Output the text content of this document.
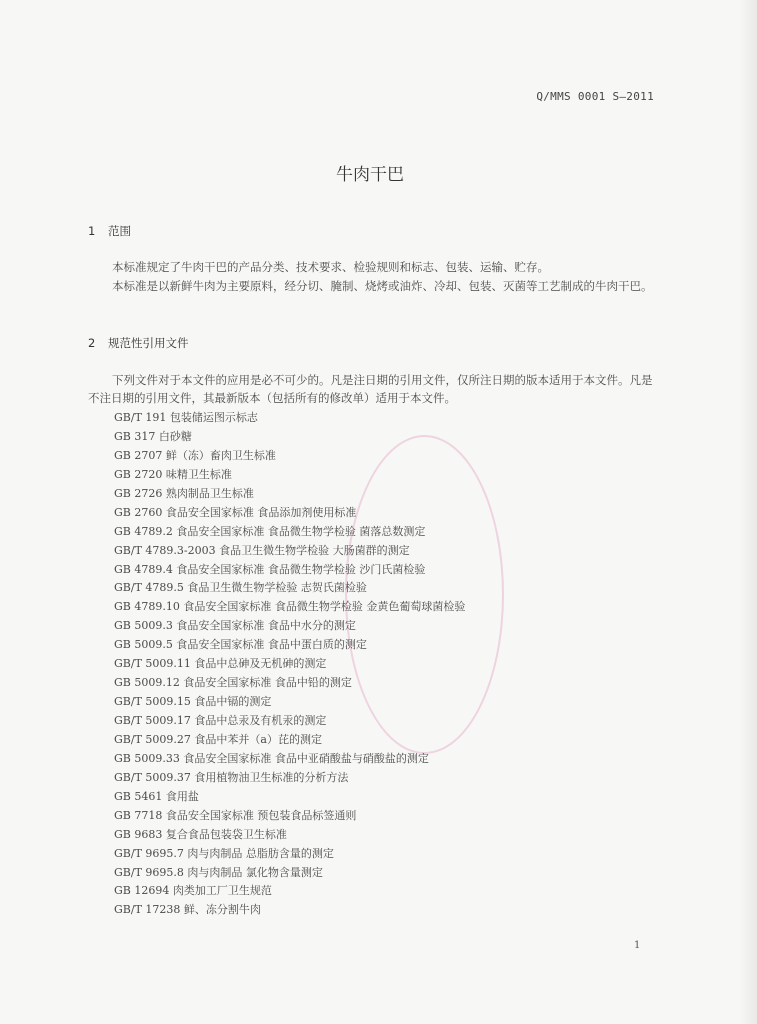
Q/MMS 0001 S—2011
牛肉干巴
1 范围
本标准规定了牛肉干巴的产品分类、技术要求、检验规则和标志、包装、运输、贮存。
本标准是以新鲜牛肉为主要原料，经分切、腌制、烧烤或油炸、冷却、包装、灭菌等工艺制成的牛肉干巴。
2 规范性引用文件
下列文件对于本文件的应用是必不可少的。凡是注日期的引用文件，仅所注日期的版本适用于本文件。凡是不注日期的引用文件，其最新版本（包括所有的修改单）适用于本文件。
GB/T 191 包装储运图示标志
GB 317 白砂糖
GB 2707 鲜（冻）畜肉卫生标准
GB 2720 味精卫生标准
GB 2726 熟肉制品卫生标准
GB 2760 食品安全国家标准 食品添加剂使用标准
GB 4789.2 食品安全国家标准 食品微生物学检验 菌落总数测定
GB/T 4789.3-2003 食品卫生微生物学检验 大肠菌群的测定
GB 4789.4 食品安全国家标准 食品微生物学检验 沙门氏菌检验
GB/T 4789.5 食品卫生微生物学检验 志贺氏菌检验
GB 4789.10 食品安全国家标准 食品微生物学检验 金黄色葡萄球菌检验
GB 5009.3 食品安全国家标准 食品中水分的测定
GB 5009.5 食品安全国家标准 食品中蛋白质的测定
GB/T 5009.11 食品中总砷及无机砷的测定
GB 5009.12 食品安全国家标准 食品中铅的测定
GB/T 5009.15 食品中镉的测定
GB/T 5009.17 食品中总汞及有机汞的测定
GB/T 5009.27 食品中苯并（a）芘的测定
GB 5009.33 食品安全国家标准 食品中亚硝酸盐与硝酸盐的测定
GB/T 5009.37 食用植物油卫生标准的分析方法
GB 5461 食用盐
GB 7718 食品安全国家标准 预包装食品标签通则
GB 9683 复合食品包装袋卫生标准
GB/T 9695.7 肉与肉制品 总脂肪含量的测定
GB/T 9695.8 肉与肉制品 氯化物含量测定
GB 12694 肉类加工厂卫生规范
GB/T 17238 鲜、冻分割牛肉
1
